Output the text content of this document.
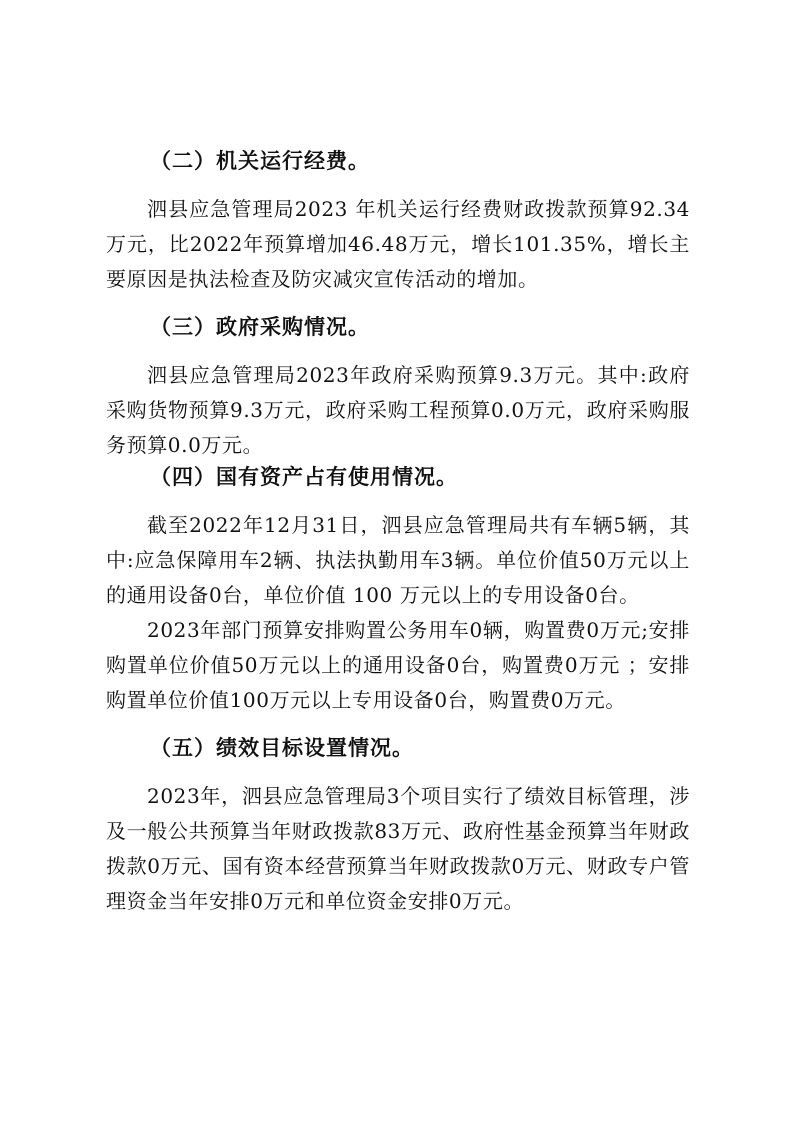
（二）机关运行经费。
泗县应急管理局2023 年机关运行经费财政拨款预算92.34万元，比2022年预算增加46.48万元，增长101.35%，增长主要原因是执法检查及防灾减灾宣传活动的增加。
（三）政府采购情况。
泗县应急管理局2023年政府采购预算9.3万元。其中:政府采购货物预算9.3万元，政府采购工程预算0.0万元，政府采购服务预算0.0万元。
（四）国有资产占有使用情况。
截至2022年12月31日，泗县应急管理局共有车辆5辆，其中:应急保障用车2辆、执法执勤用车3辆。单位价值50万元以上的通用设备0台，单位价值 100 万元以上的专用设备0台。
2023年部门预算安排购置公务用车0辆，购置费0万元;安排购置单位价值50万元以上的通用设备0台，购置费0万元 ；安排购置单位价值100万元以上专用设备0台，购置费0万元。
（五）绩效目标设置情况。
2023年，泗县应急管理局3个项目实行了绩效目标管理，涉及一般公共预算当年财政拨款83万元、政府性基金预算当年财政拨款0万元、国有资本经营预算当年财政拨款0万元、财政专户管理资金当年安排0万元和单位资金安排0万元。
